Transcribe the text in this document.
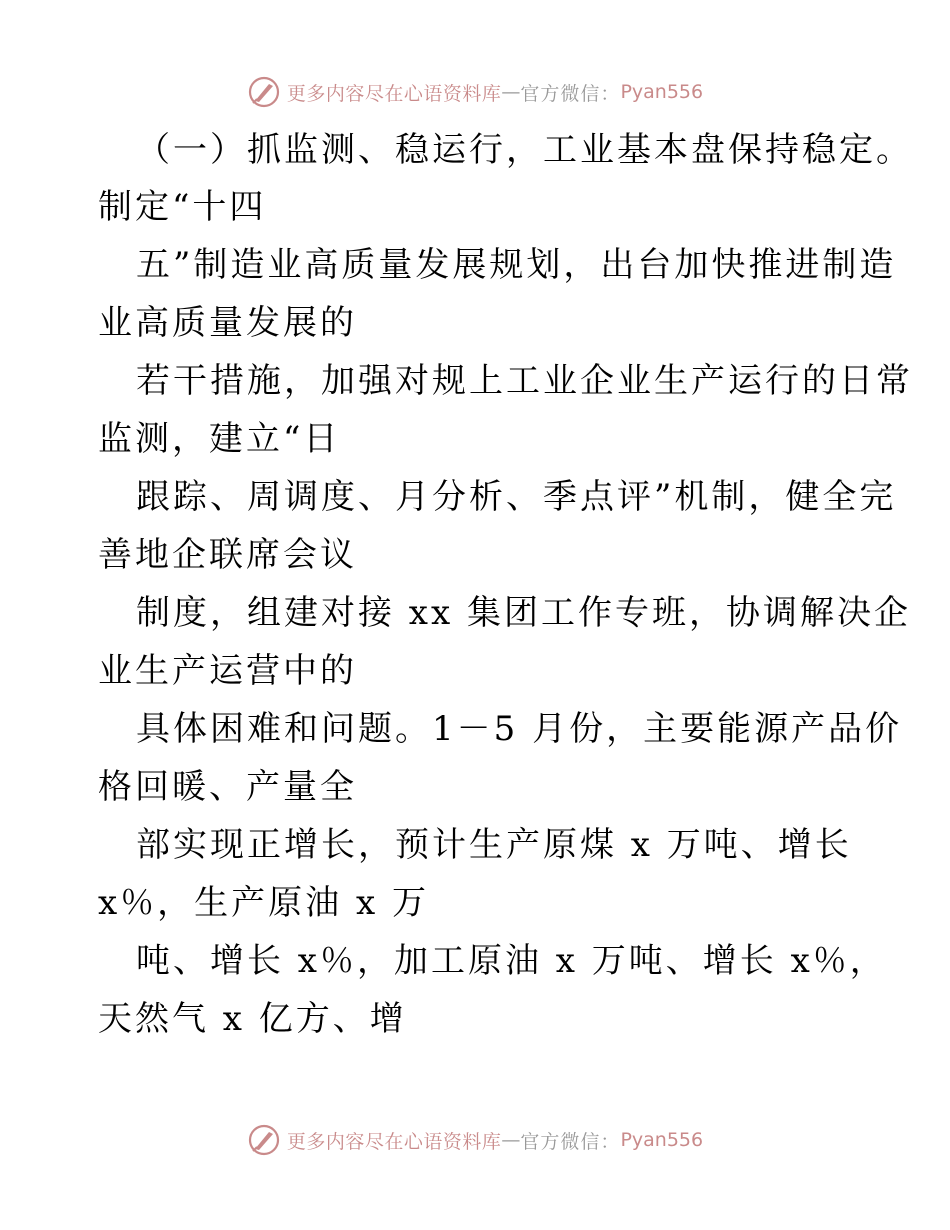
更多内容尽在心语资料库 — 官方微信： Pyan556
（一）抓监测、稳运行，工业基本盘保持稳定。
制定“十四
五”制造业高质量发展规划，出台加快推进制造
业高质量发展的
若干措施，加强对规上工业企业生产运行的日常
监测，建立“日
跟踪、周调度、月分析、季点评”机制，健全完
善地企联席会议
制度，组建对接 xx 集团工作专班，协调解决企
业生产运营中的
具体困难和问题。1－5 月份，主要能源产品价
格回暖、产量全
部实现正增长，预计生产原煤 x 万吨、增长
x％，生产原油 x 万
吨、增长 x％，加工原油 x 万吨、增长 x％，
天然气 x 亿方、增
更多内容尽在心语资料库 — 官方微信： Pyan556
